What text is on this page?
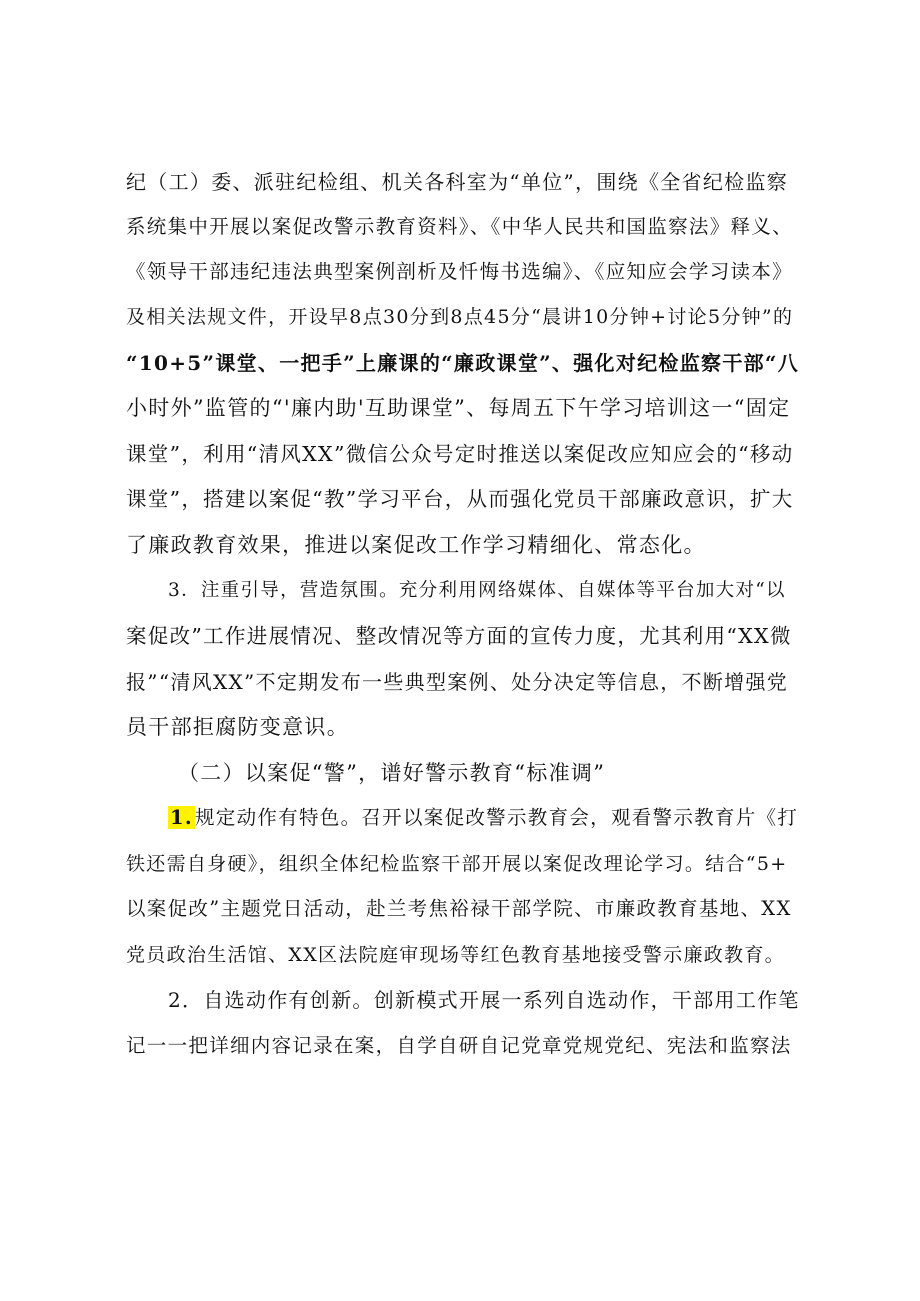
纪（工）委、派驻纪检组、机关各科室为“单位”，围绕《全省纪检监察
系统集中开展以案促改警示教育资料》、《中华人民共和国监察法》释义、
《领导干部违纪违法典型案例剖析及忏悔书选编》、《应知应会学习读本》
及相关法规文件，开设早8点30分到8点45分“晨讲10分钟+讨论5分钟”的
“10+5”课堂、一把手”上廉课的“廉政课堂”、强化对纪检监察干部“八
小时外”监管的“'廉内助'互助课堂”、每周五下午学习培训这一“固定
课堂”，利用“清风XX”微信公众号定时推送以案促改应知应会的“移动
课堂”，搭建以案促“教”学习平台，从而强化党员干部廉政意识，扩大
了廉政教育效果，推进以案促改工作学习精细化、常态化。
3．注重引导，营造氛围。充分利用网络媒体、自媒体等平台加大对“以
案促改”工作进展情况、整改情况等方面的宣传力度，尤其利用“XX微
报”“清风XX”不定期发布一些典型案例、处分决定等信息，不断增强党
员干部拒腐防变意识。
（二）以案促“警”，谱好警示教育“标准调”
1. 规定动作有特色。召开以案促改警示教育会，观看警示教育片《打
铁还需自身硬》，组织全体纪检监察干部开展以案促改理论学习。结合“5+
以案促改”主题党日活动，赴兰考焦裕禄干部学院、市廉政教育基地、XX
党员政治生活馆、XX区法院庭审现场等红色教育基地接受警示廉政教育。
2．自选动作有创新。创新模式开展一系列自选动作，干部用工作笔
记一一把详细内容记录在案，自学自研自记党章党规党纪、宪法和监察法
